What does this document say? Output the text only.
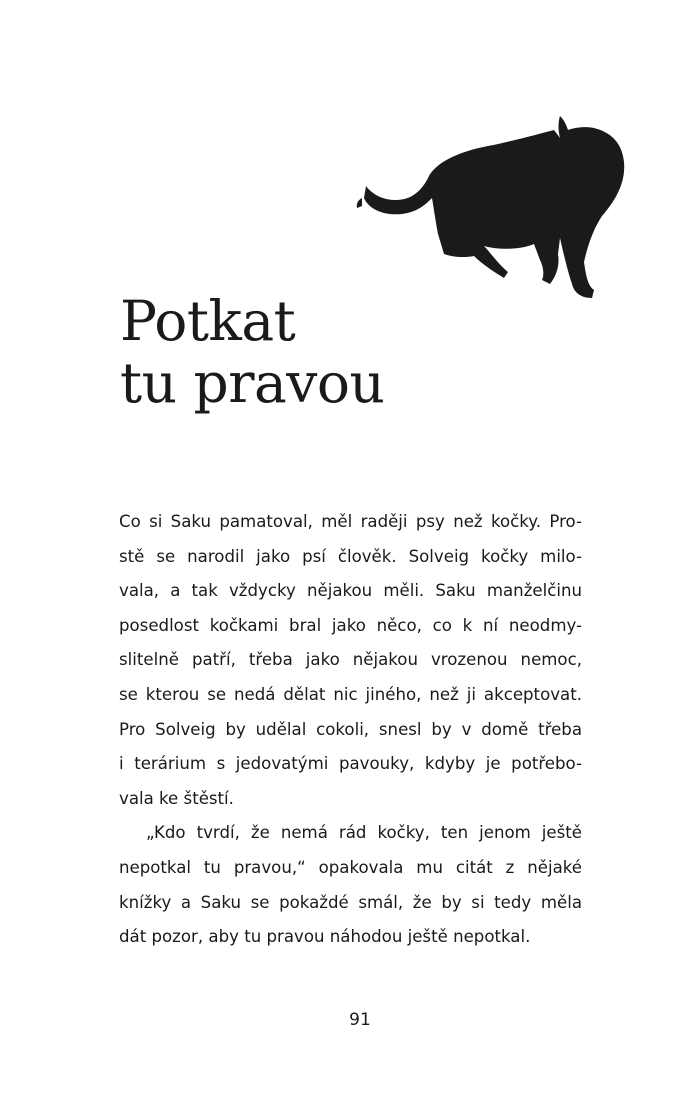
Potkat
tu pravou
Co si Saku pamatoval, měl raději psy než kočky. Pro-
stě se narodil jako psí člověk. Solveig kočky milo-
vala, a tak vždycky nějakou měli. Saku manželčinu
posedlost kočkami bral jako něco, co k ní neodmy-
slitelně patří, třeba jako nějakou vrozenou nemoc,
se kterou se nedá dělat nic jiného, než ji akceptovat.
Pro Solveig by udělal cokoli, snesl by v domě třeba
i terárium s jedovatými pavouky, kdyby je potřebo-
vala ke štěstí.
„Kdo tvrdí, že nemá rád kočky, ten jenom ještě
nepotkal tu pravou,“ opakovala mu citát z nějaké
knížky a Saku se pokaždé smál, že by si tedy měla
dát pozor, aby tu pravou náhodou ještě nepotkal.
91
